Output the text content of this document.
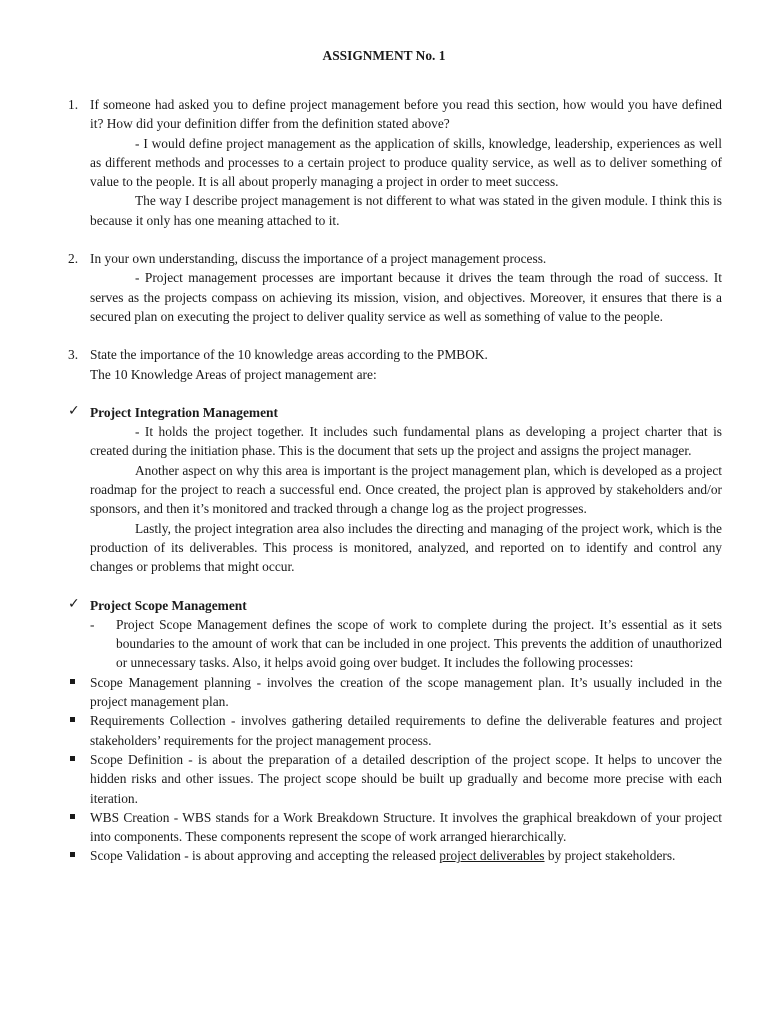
ASSIGNMENT No. 1
1. If someone had asked you to define project management before you read this section, how would you have defined it? How did your definition differ from the definition stated above?

- I would define project management as the application of skills, knowledge, leadership, experiences as well as different methods and processes to a certain project to produce quality service, as well as to deliver something of value to the people. It is all about properly managing a project in order to meet success.

The way I describe project management is not different to what was stated in the given module. I think this is because it only has one meaning attached to it.

2. In your own understanding, discuss the importance of a project management process.

- Project management processes are important because it drives the team through the road of success. It serves as the projects compass on achieving its mission, vision, and objectives. Moreover, it ensures that there is a secured plan on executing the project to deliver quality service as well as something of value to the people.

3. State the importance of the 10 knowledge areas according to the PMBOK.

The 10 Knowledge Areas of project management are:

✓ Project Integration Management

- It holds the project together. It includes such fundamental plans as developing a project charter that is created during the initiation phase. This is the document that sets up the project and assigns the project manager.

Another aspect on why this area is important is the project management plan, which is developed as a project roadmap for the project to reach a successful end. Once created, the project plan is approved by stakeholders and/or sponsors, and then it’s monitored and tracked through a change log as the project progresses.

Lastly, the project integration area also includes the directing and managing of the project work, which is the production of its deliverables. This process is monitored, analyzed, and reported on to identify and control any changes or problems that might occur.

✓ Project Scope Management
- Project Scope Management defines the scope of work to complete during the project. It’s essential as it sets boundaries to the amount of work that can be included in one project. This prevents the addition of unauthorized or unnecessary tasks. Also, it helps avoid going over budget. It includes the following processes:
Scope Management planning - involves the creation of the scope management plan. It’s usually included in the project management plan.
Requirements Collection - involves gathering detailed requirements to define the deliverable features and project stakeholders’ requirements for the project management process.
Scope Definition - is about the preparation of a detailed description of the project scope. It helps to uncover the hidden risks and other issues. The project scope should be built up gradually and become more precise with each iteration.
WBS Creation - WBS stands for a Work Breakdown Structure. It involves the graphical breakdown of your project into components. These components represent the scope of work arranged hierarchically.
Scope Validation - is about approving and accepting the released project deliverables by project stakeholders.
